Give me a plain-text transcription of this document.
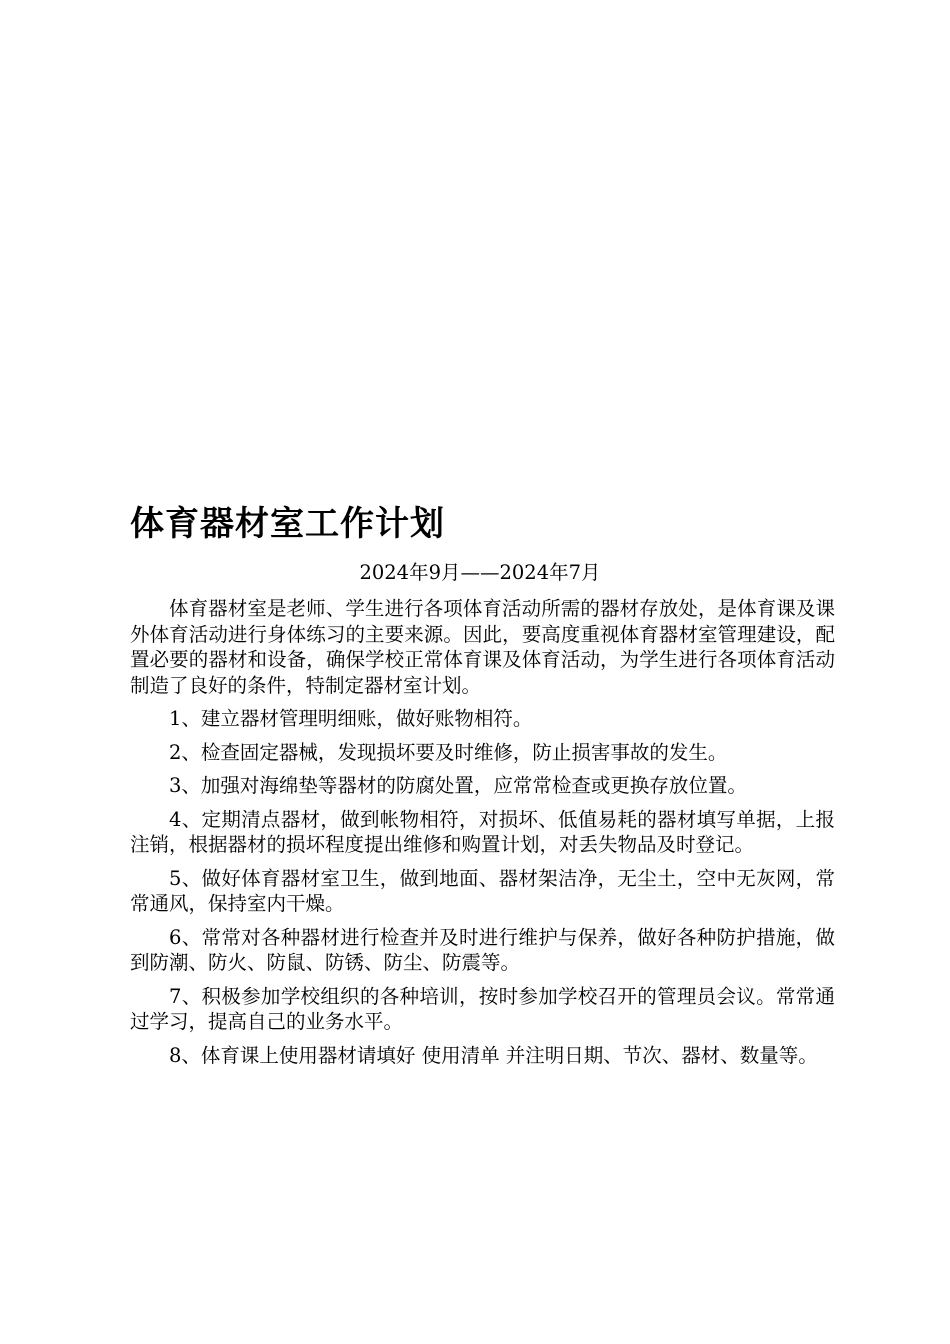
体育器材室工作计划

2024年9月——2024年7月

体育器材室是老师、学生进行各项体育活动所需的器材存放处，是体育课及课外体育活动进行身体练习的主要来源。因此，要高度重视体育器材室管理建设，配置必要的器材和设备，确保学校正常体育课及体育活动，为学生进行各项体育活动制造了良好的条件，特制定器材室计划。

1、建立器材管理明细账，做好账物相符。

2、检查固定器械，发现损坏要及时维修，防止损害事故的发生。

3、加强对海绵垫等器材的防腐处置，应常常检查或更换存放位置。

4、定期清点器材，做到帐物相符，对损坏、低值易耗的器材填写单据，上报注销，根据器材的损坏程度提出维修和购置计划，对丢失物品及时登记。

5、做好体育器材室卫生，做到地面、器材架洁净，无尘土，空中无灰网，常常通风，保持室内干燥。

6、常常对各种器材进行检查并及时进行维护与保养，做好各种防护措施，做到防潮、防火、防鼠、防锈、防尘、防震等。

7、积极参加学校组织的各种培训，按时参加学校召开的管理员会议。常常通过学习，提高自己的业务水平。

8、体育课上使用器材请填好 使用清单 并注明日期、节次、器材、数量等。
